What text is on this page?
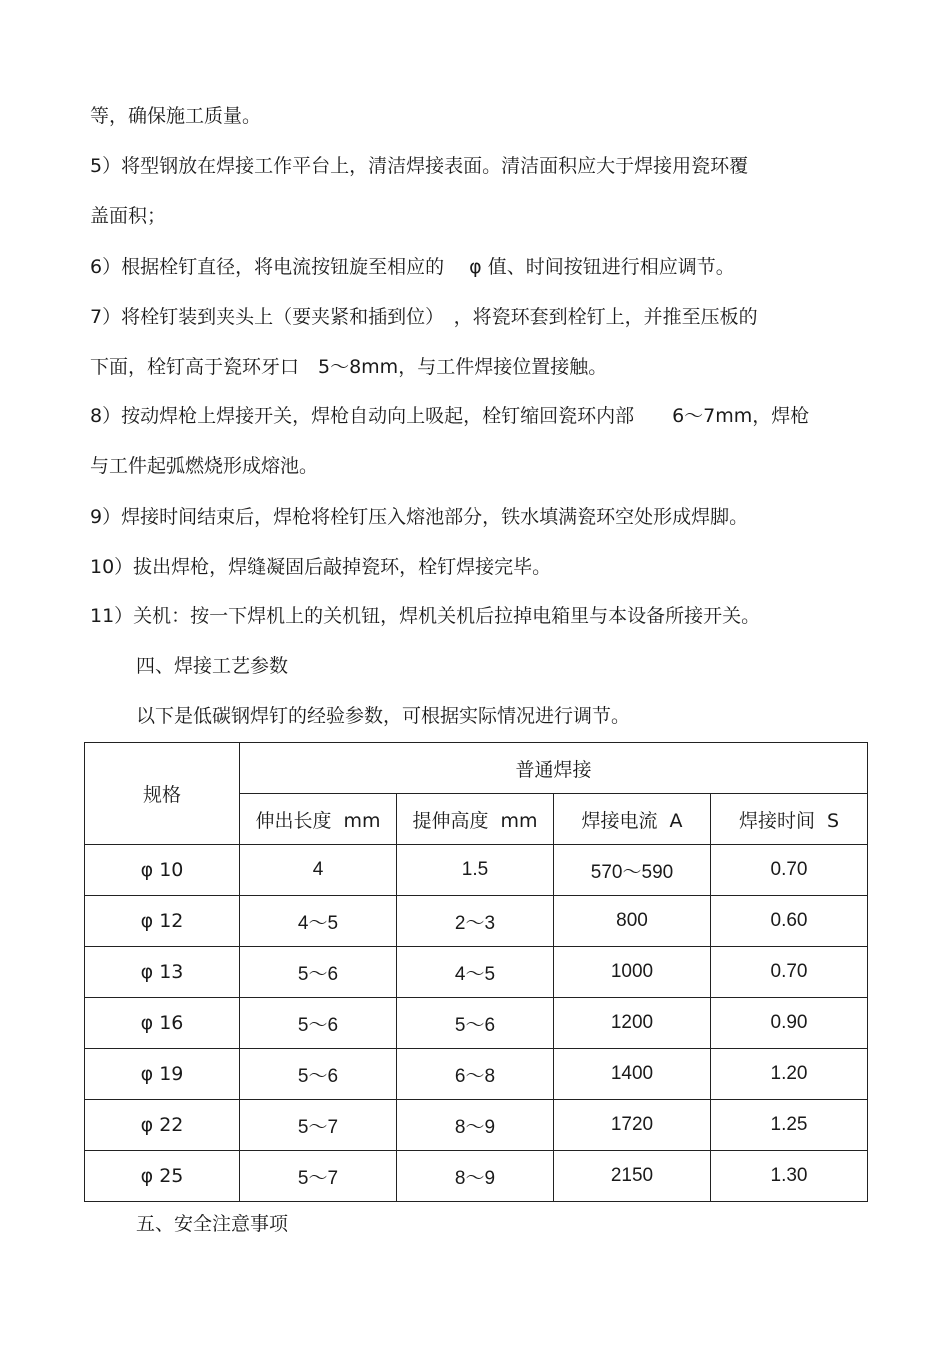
等，确保施工质量。
5）将型钢放在焊接工作平台上，清洁焊接表面。清洁面积应大于焊接用瓷环覆
盖面积；
6）根据栓钉直径，将电流按钮旋至相应的　 φ 值、时间按钮进行相应调节。
7）将栓钉装到夹头上（要夹紧和插到位）　，将瓷环套到栓钉上，并推至压板的
下面，栓钉高于瓷环牙口　5～8mm，与工件焊接位置接触。
8）按动焊枪上焊接开关，焊枪自动向上吸起，栓钉缩回瓷环内部　　6～7mm，焊枪
与工件起弧燃烧形成熔池。
9）焊接时间结束后，焊枪将栓钉压入熔池部分，铁水填满瓷环空处形成焊脚。
10）拔出焊枪，焊缝凝固后敲掉瓷环，栓钉焊接完毕。
11）关机：按一下焊机上的关机钮，焊机关机后拉掉电箱里与本设备所接开关。
四、焊接工艺参数
以下是低碳钢焊钉的经验参数，可根据实际情况进行调节。
规格	普通焊接			
	伸出长度  mm	提伸高度  mm	焊接电流  A	焊接时间  S
φ 10	4	1.5	570～590	0.70
φ 12	4～5	2～3	800	0.60
φ 13	5～6	4～5	1000	0.70
φ 16	5～6	5～6	1200	0.90
φ 19	5～6	6～8	1400	1.20
φ 22	5～7	8～9	1720	1.25
φ 25	5～7	8～9	2150	1.30
五、安全注意事项
